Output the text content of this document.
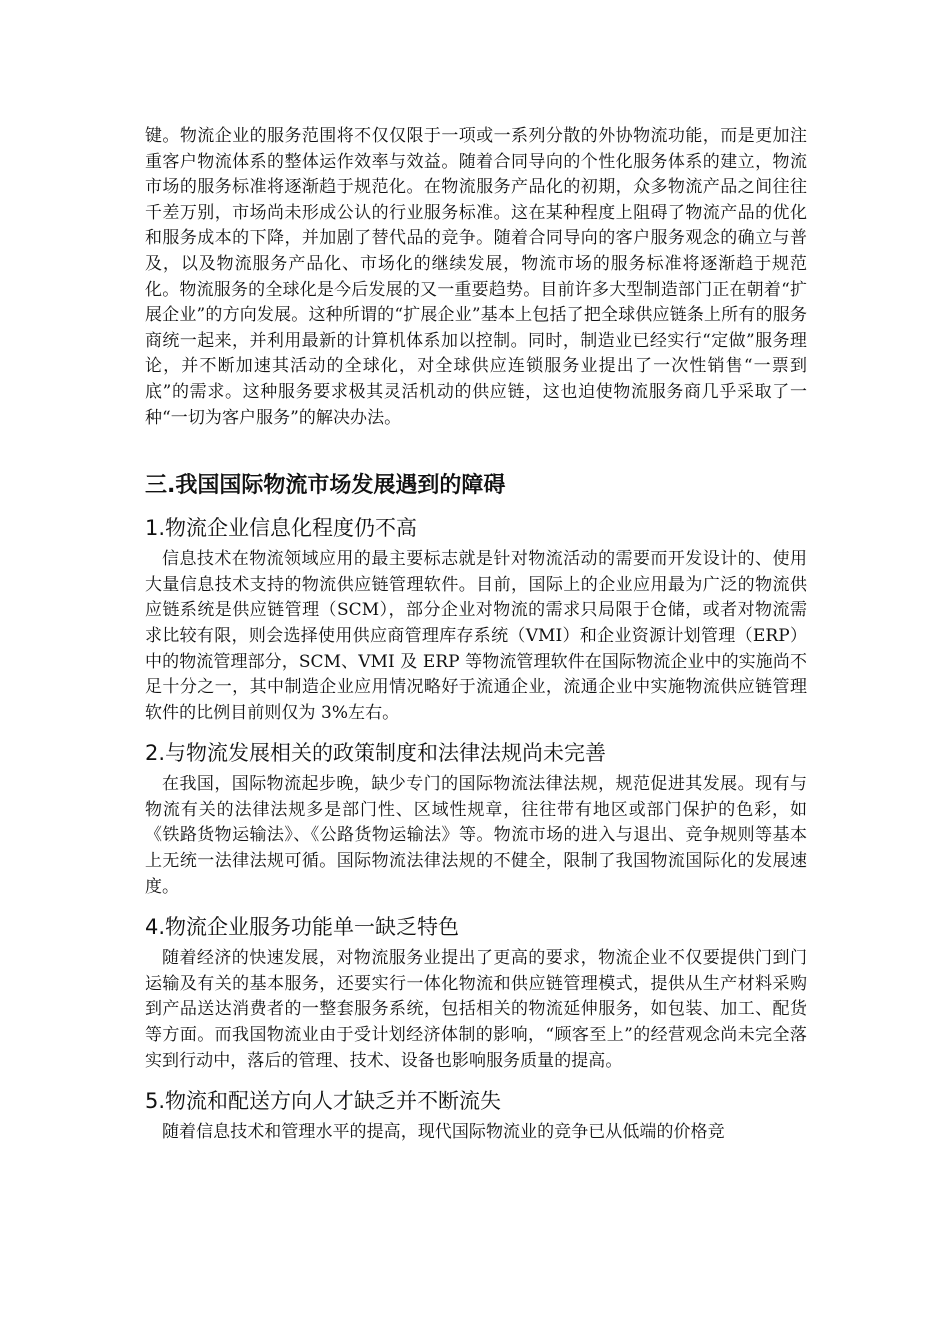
键。物流企业的服务范围将不仅仅限于一项或一系列分散的外协物流功能，而是更加注重客户物流体系的整体运作效率与效益。随着合同导向的个性化服务体系的建立，物流市场的服务标准将逐渐趋于规范化。在物流服务产品化的初期，众多物流产品之间往往千差万别，市场尚未形成公认的行业服务标准。这在某种程度上阻碍了物流产品的优化和服务成本的下降，并加剧了替代品的竞争。随着合同导向的客户服务观念的确立与普及，以及物流服务产品化、市场化的继续发展，物流市场的服务标准将逐渐趋于规范化。物流服务的全球化是今后发展的又一重要趋势。目前许多大型制造部门正在朝着“扩展企业”的方向发展。这种所谓的“扩展企业”基本上包括了把全球供应链条上所有的服务商统一起来，并利用最新的计算机体系加以控制。同时，制造业已经实行“定做”服务理论，并不断加速其活动的全球化，对全球供应连锁服务业提出了一次性销售“一票到底”的需求。这种服务要求极其灵活机动的供应链，这也迫使物流服务商几乎采取了一种“一切为客户服务”的解决办法。

三.我国国际物流市场发展遇到的障碍
1.物流企业信息化程度仍不高

信息技术在物流领域应用的最主要标志就是针对物流活动的需要而开发设计的、使用大量信息技术支持的物流供应链管理软件。目前，国际上的企业应用最为广泛的物流供应链系统是供应链管理（SCM），部分企业对物流的需求只局限于仓储，或者对物流需求比较有限，则会选择使用供应商管理库存系统（VMI）和企业资源计划管理（ERP）中的物流管理部分，SCM、VMI 及 ERP 等物流管理软件在国际物流企业中的实施尚不足十分之一，其中制造企业应用情况略好于流通企业，流通企业中实施物流供应链管理软件的比例目前则仅为 3%左右。

2.与物流发展相关的政策制度和法律法规尚未完善

在我国，国际物流起步晚，缺少专门的国际物流法律法规，规范促进其发展。现有与物流有关的法律法规多是部门性、区域性规章，往往带有地区或部门保护的色彩，如《铁路货物运输法》、《公路货物运输法》等。物流市场的进入与退出、竞争规则等基本上无统一法律法规可循。国际物流法律法规的不健全，限制了我国物流国际化的发展速度。

4.物流企业服务功能单一缺乏特色

随着经济的快速发展，对物流服务业提出了更高的要求，物流企业不仅要提供门到门运输及有关的基本服务，还要实行一体化物流和供应链管理模式，提供从生产材料采购到产品送达消费者的一整套服务系统，包括相关的物流延伸服务，如包装、加工、配货等方面。而我国物流业由于受计划经济体制的影响，“顾客至上”的经营观念尚未完全落实到行动中，落后的管理、技术、设备也影响服务质量的提高。

5.物流和配送方向人才缺乏并不断流失

随着信息技术和管理水平的提高，现代国际物流业的竞争已从低端的价格竞
